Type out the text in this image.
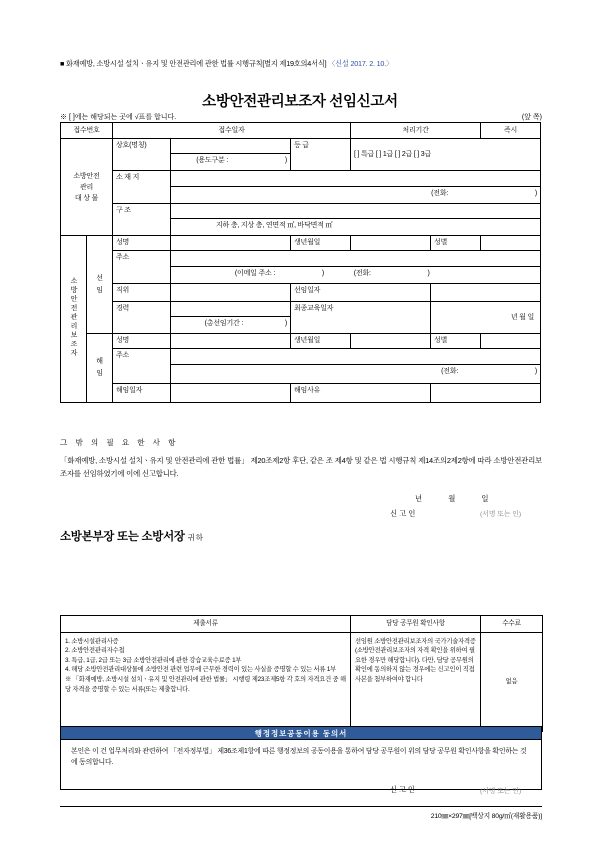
■ 화재예방, 소방시설 설치ㆍ유지 및 안전관리에 관한 법률 시행규칙[별지 제19호의4서식] 〈신설 2017. 2. 10.〉
소방안전관리보조자 선임신고서
※ [ ]에는 해당되는 곳에 √표를 합니다.	(앞 쪽)
접수번호		접수일자			처리기간		즉시

소방안전
관리
대 상 물		상호(명칭)		등 급	[ ] 특급 [ ] 1급 [ ] 2급 [ ] 3급		
			(용도구분 : )				
		소 재 지					
			(전화: )				
		구 조					
			지하 층, 지상 층, 연면적 ㎡, 바닥면적 ㎡				
소방안전관리보조자	선
임	성명		생년월일		성별	
		주소					
			(이메일 주소 : ) (전화: )				
		직위		선임일자			
		경력		최종교육일자		년 월 일	
			(총선임기간 : )				

	해
임	성명		생년월일		성별	
		주소					
			(전화: )				
		해임일자		해임사유			
그 밖 의 필 요 한 사 항
「화재예방, 소방시설 설치ㆍ유지 및 안전관리에 관한 법률」 제20조제2항 후단, 같은 조 제4항 및 같은 법 시행규칙 제14조의2제2항에 따라 소방안전관리보조자를 선임하였기에 이에 신고합니다.
년 월 일
신고인	(서명 또는 인)
소방본부장 또는 소방서장 귀하
제출서류	담당 공무원 확인사항	수수료

1. 소방시설관리사증

2. 소방안전관리자수첩

3. 특급, 1급, 2급 또는 3급 소방안전관리에 관한 강습교육수료증 1부

4. 해당 소방안전관리대상물에 소방안전 관련 업무에 근무한 경력이 있는 사실을 증명할 수 있는 서류 1부

※ 「화재예방, 소방시설 설치ㆍ유지 및 안전관리에 관한 법률」 시행령 제23조제5항 각 호의 자격요건 중 해당 자격을 증명할 수 있는 서류(또는 제출합니다.	선임원 소방안전관리보조자의 국가기술자격증(소방안전관리보조자의 자격 확인을 위하여 필요한 경우만 해당합니다). 다만, 담당 공무원의 확인에 동의하지 않는 경우에는 신고인이 직접 사본을 첨부하여야 합니다	없음
행정정보공동이용 동의서
본인은 이 건 업무처리와 관련하여 「전자정부법」 제36조제1항에 따른 행정정보의 공동이용을 통하여 담당 공무원이 위의 담당 공무원 확인사항을 확인하는 것에 동의합니다.
신고인	(서명 또는 인)
210㎜×297㎜[백상지 80g/㎡(재활용품)]
